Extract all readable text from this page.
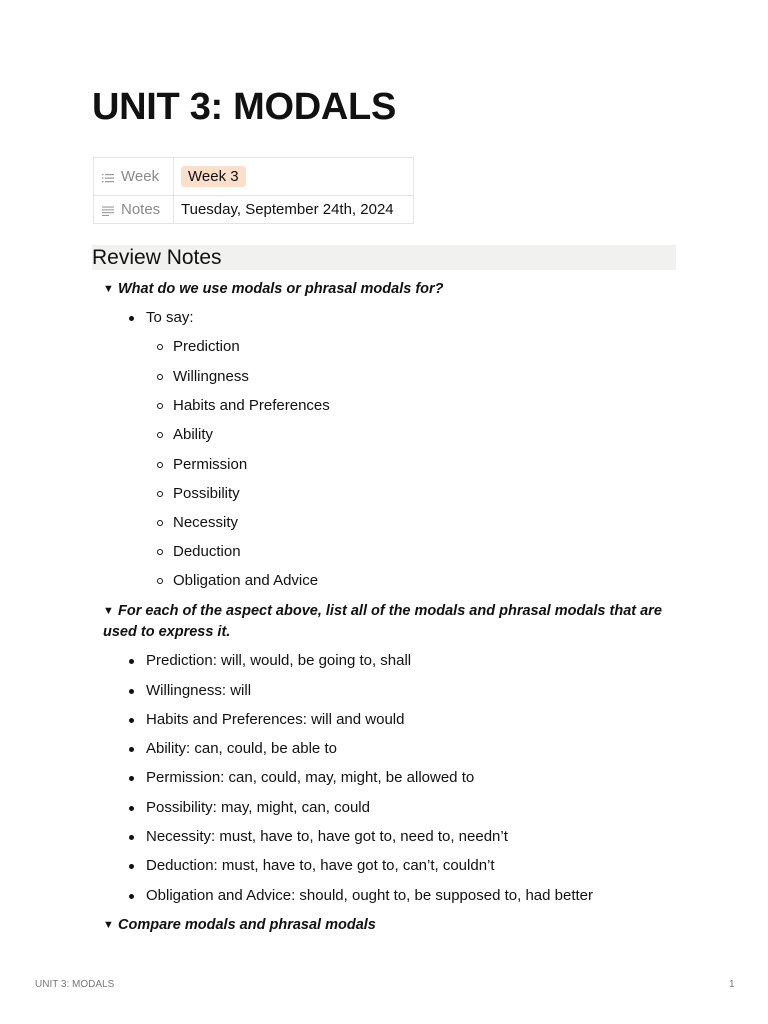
UNIT 3: MODALS
Week	Week 3
Notes	Tuesday, September 24th, 2024
Review Notes

▼ What do we use modals or phrasal modals for?

To say:
Prediction
Willingness
Habits and Preferences
Ability
Permission
Possibility
Necessity
Deduction
Obligation and Advice

▼ For each of the aspect above, list all of the modals and phrasal modals that are used to express it.

Prediction: will, would, be going to, shall
Willingness: will
Habits and Preferences: will and would
Ability: can, could, be able to
Permission: can, could, may, might, be allowed to
Possibility: may, might, can, could
Necessity: must, have to, have got to, need to, needn’t
Deduction: must, have to, have got to, can’t, couldn’t
Obligation and Advice: should, ought to, be supposed to, had better

▼ Compare modals and phrasal modals

UNIT 3: MODALS	1
